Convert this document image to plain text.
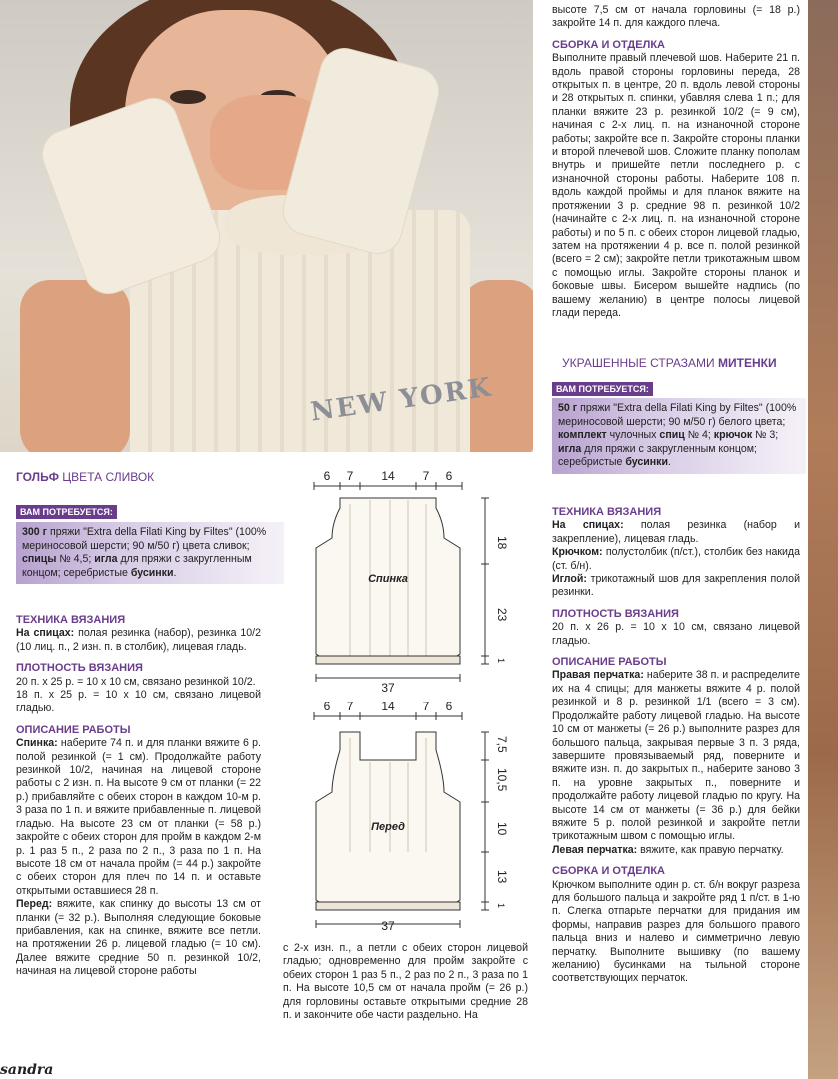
NEW YORK

высоте 7,5 см от начала горловины (= 18 р.) закройте 14 п. для каждого плеча.

СБОРКА И ОТДЕЛКА

Выполните правый плечевой шов. Наберите 21 п. вдоль правой стороны горловины переда, 28 открытых п. в центре, 20 п. вдоль левой стороны и 28 открытых п. спинки, убавляя слева 1 п.; для планки вяжите 23 р. резинкой 10/2 (= 9 см), начиная с 2-х лиц. п. на изнаночной стороне работы; закройте все п. Закройте стороны планки и второй плечевой шов. Сложите планку пополам внутрь и пришейте петли последнего р. с изнаночной стороны работы. Наберите 108 п. вдоль каждой проймы и для планок вяжите на протяжении 3 р. средние 98 п. резинкой 10/2 (начинайте с 2-х лиц. п. на изнаночной стороне работы) и по 5 п. с обеих сторон лицевой гладью, затем на протяжении 4 р. все п. полой резинкой (всего = 2 см); закройте петли трикотажным швом с помощью иглы. Закройте стороны планок и боковые швы. Бисером вышейте надпись (по вашему желанию) в центре полосы лицевой глади переда.

УКРАШЕННЫЕ СТРАЗАМИ МИТЕНКИ
ВАМ ПОТРЕБУЕТСЯ:
50 г пряжи "Extra della Filati King by Filtes" (100% мериносовой шерсти; 90 м/50 г) белого цвета; комплект чулочных спиц № 4; крючок № 3; игла для пряжи с закругленным концом; серебристые бусинки.
ТЕХНИКА ВЯЗАНИЯ

На спицах: полая резинка (набор и закрепление), лицевая гладь.

Крючком: полустолбик (п/ст.), столбик без накида (ст. б/н).

Иглой: трикотажный шов для закрепления полой резинки.

ПЛОТНОСТЬ ВЯЗАНИЯ

20 п. х 26 р. = 10 х 10 см, связано лицевой гладью.

ОПИСАНИЕ РАБОТЫ

Правая перчатка: наберите 38 п. и распределите их на 4 спицы; для манжеты вяжите 4 р. полой резинкой и 8 р. резинкой 1/1 (всего = 3 см). Продолжайте работу лицевой гладью. На высоте 10 см от манжеты (= 26 р.) выполните разрез для большого пальца, закрывая первые 3 п. 3 ряда, завершите провязываемый ряд, поверните и вяжите изн. п. до закрытых п., наберите заново 3 п. на уровне закрытых п., поверните и продолжайте работу лицевой гладью по кругу. На высоте 14 см от манжеты (= 36 р.) для бейки вяжите 5 р. полой резинкой и закройте петли трикотажным швом с помощью иглы.

Левая перчатка: вяжите, как правую перчатку.

СБОРКА И ОТДЕЛКА

Крючком выполните один р. ст. б/н вокруг разреза для большого пальца и закройте ряд 1 п/ст. в 1-ю п. Слегка отпарьте перчатки для придания им формы, направив разрез для большого правого пальца вниз и налево и симметрично левую перчатку. Выполните вышивку (по вашему желанию) бусинками на тыльной стороне соответствующих перчаток.

ГОЛЬФ ЦВЕТА СЛИВОК
ВАМ ПОТРЕБУЕТСЯ:
300 г пряжи "Extra della Filati King by Filtes" (100% мериносовой шерсти; 90 м/50 г) цвета сливок; спицы № 4,5; игла для пряжи с закругленным концом; серебристые бусинки.
ТЕХНИКА ВЯЗАНИЯ

На спицах: полая резинка (набор), резинка 10/2 (10 лиц. п., 2 изн. п. в столбик), лицевая гладь.

ПЛОТНОСТЬ ВЯЗАНИЯ

20 п. х 25 р. = 10 х 10 см, связано резинкой 10/2.

18 п. х 25 р. = 10 х 10 см, связано лицевой гладью.

ОПИСАНИЕ РАБОТЫ

Спинка: наберите 74 п. и для планки вяжите 6 р. полой резинкой (= 1 см). Продолжайте работу резинкой 10/2, начиная на лицевой стороне работы с 2 изн. п. На высоте 9 см от планки (= 22 р.) прибавляйте с обеих сторон в каждом 10-м р. 3 раза по 1 п. и вяжите прибавленные п. лицевой гладью. На высоте 23 см от планки (= 58 р.) закройте с обеих сторон для пройм в каждом 2-м р. 1 раз 5 п., 2 раза по 2 п., 3 раза по 1 п. На высоте 18 см от начала пройм (= 44 р.) закройте с обеих сторон для плеч по 14 п. и оставьте открытыми оставшиеся 28 п.

Перед: вяжите, как спинку до высоты 13 см от планки (= 32 р.). Выполняя следующие боковые прибавления, как на спинке, вяжите все петли. на протяжении 26 р. лицевой гладью (= 10 см). Далее вяжите средние 50 п. резинкой 10/2, начиная на лицевой стороне работы

с 2-х изн. п., а петли с обеих сторон лицевой гладью; одновременно для пройм закройте с обеих сторон 1 раз 5 п., 2 раз по 2 п., 3 раза по 1 п. На высоте 10,5 см от начала пройм (= 26 р.) для горловины оставьте открытыми средние 28 п. и закончите обе части раздельно. На

6 7 14 7 6
37
Спинка
18
23
1
6 7 14 7 6
37
Перед
7,5
10,5
10
13
1
sandra
